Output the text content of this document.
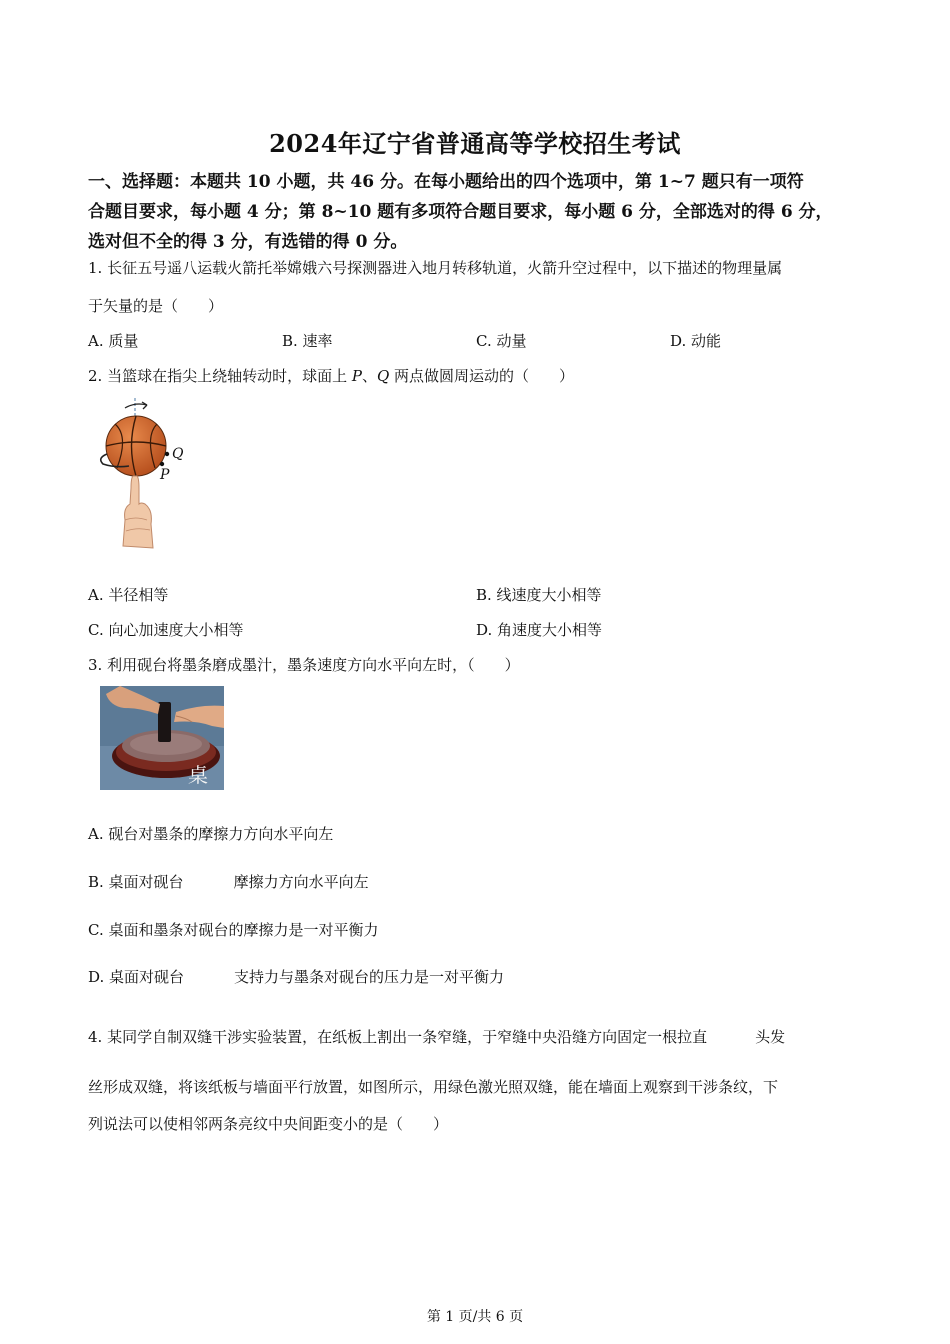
2024年辽宁省普通高等学校招生考试
一、选择题：本题共 10 小题，共 46 分。在每小题给出的四个选项中，第 1~7 题只有一项符
合题目要求，每小题 4 分；第 8~10 题有多项符合题目要求，每小题 6 分，全部选对的得 6 分，
选对但不全的得 3 分，有选错的得 0 分。
1. 长征五号遥八运载火箭托举嫦娥六号探测器进入地月转移轨道，火箭升空过程中，以下描述的物理量属
于矢量的是（　　）
A. 质量	B. 速率	C. 动量	D. 动能
2. 当篮球在指尖上绕轴转动时，球面上 P、Q 两点做圆周运动的（　　）
Q
P
A. 半径相等	B. 线速度大小相等
C. 向心加速度大小相等	D. 角速度大小相等
3. 利用砚台将墨条磨成墨汁，墨条速度方向水平向左时，（　　）
桌
A. 砚台对墨条的摩擦力方向水平向左
B. 桌面对砚台	摩擦力方向水平向左
C. 桌面和墨条对砚台的摩擦力是一对平衡力
D. 桌面对砚台	支持力与墨条对砚台的压力是一对平衡力
4. 某同学自制双缝干涉实验装置，在纸板上割出一条窄缝，于窄缝中央沿缝方向固定一根拉直	头发
丝形成双缝，将该纸板与墙面平行放置，如图所示，用绿色激光照双缝，能在墙面上观察到干涉条纹，下
列说法可以使相邻两条亮纹中央间距变小的是（　　）
第 1 页/共 6 页
